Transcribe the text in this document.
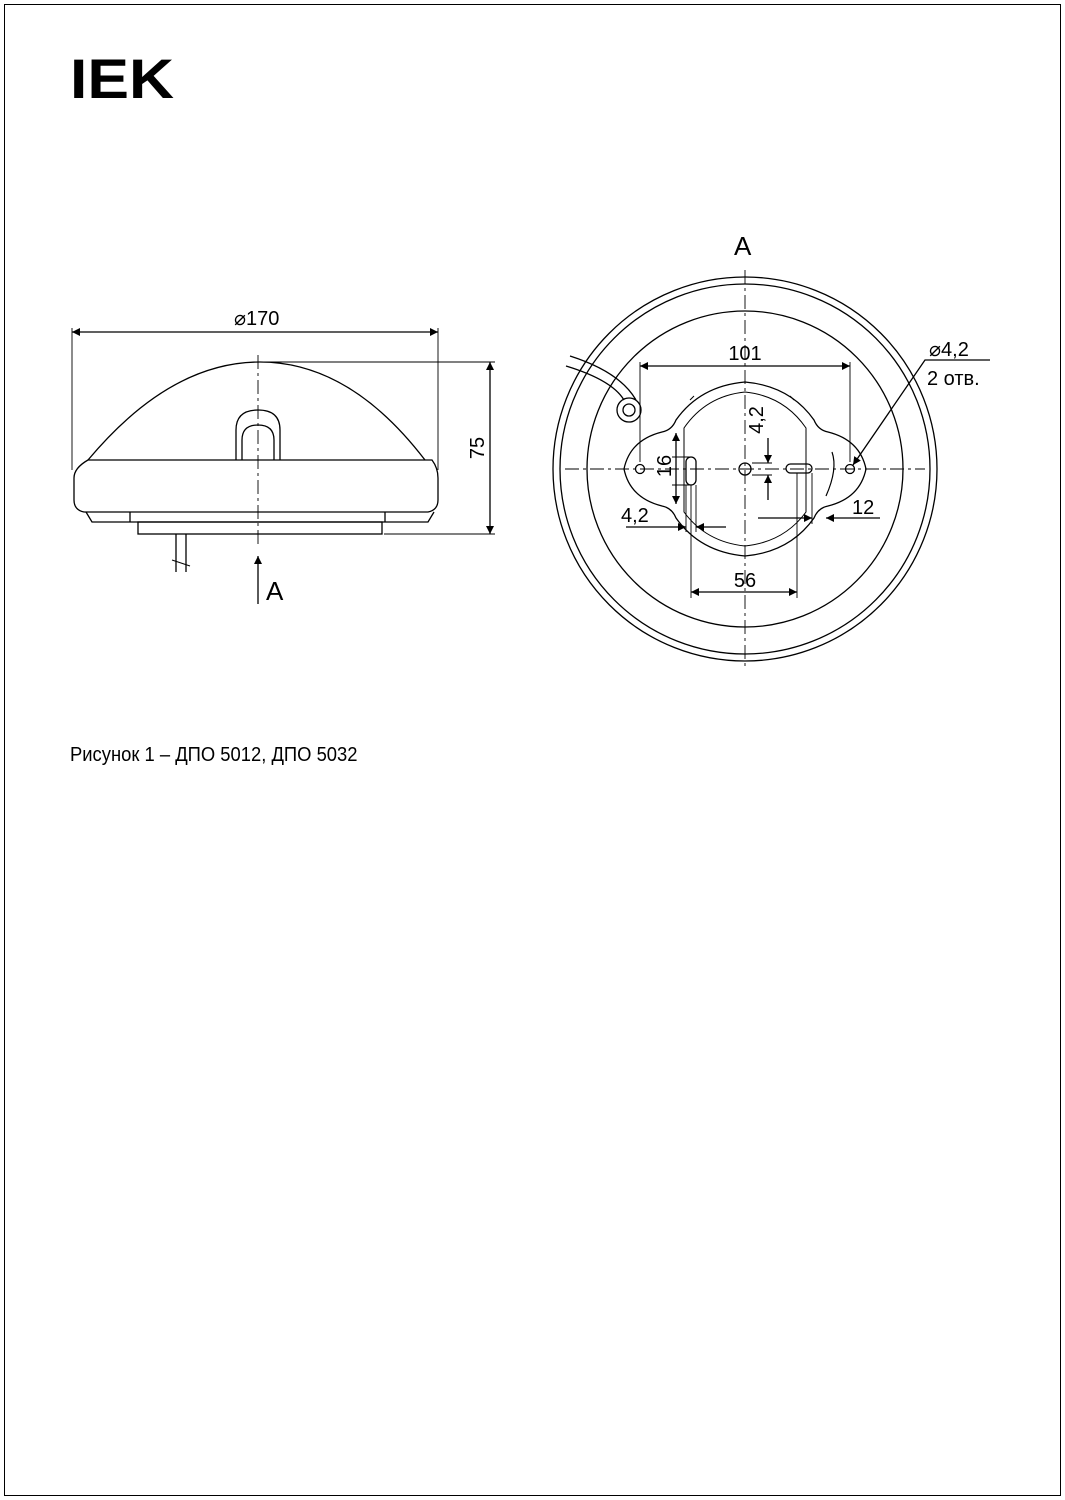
IEK
⌀170
75
A
A
101	⌀4,2
2 отв.
16
4,2
4,2
56
12
Рисунок 1 – ДПО 5012, ДПО 5032
